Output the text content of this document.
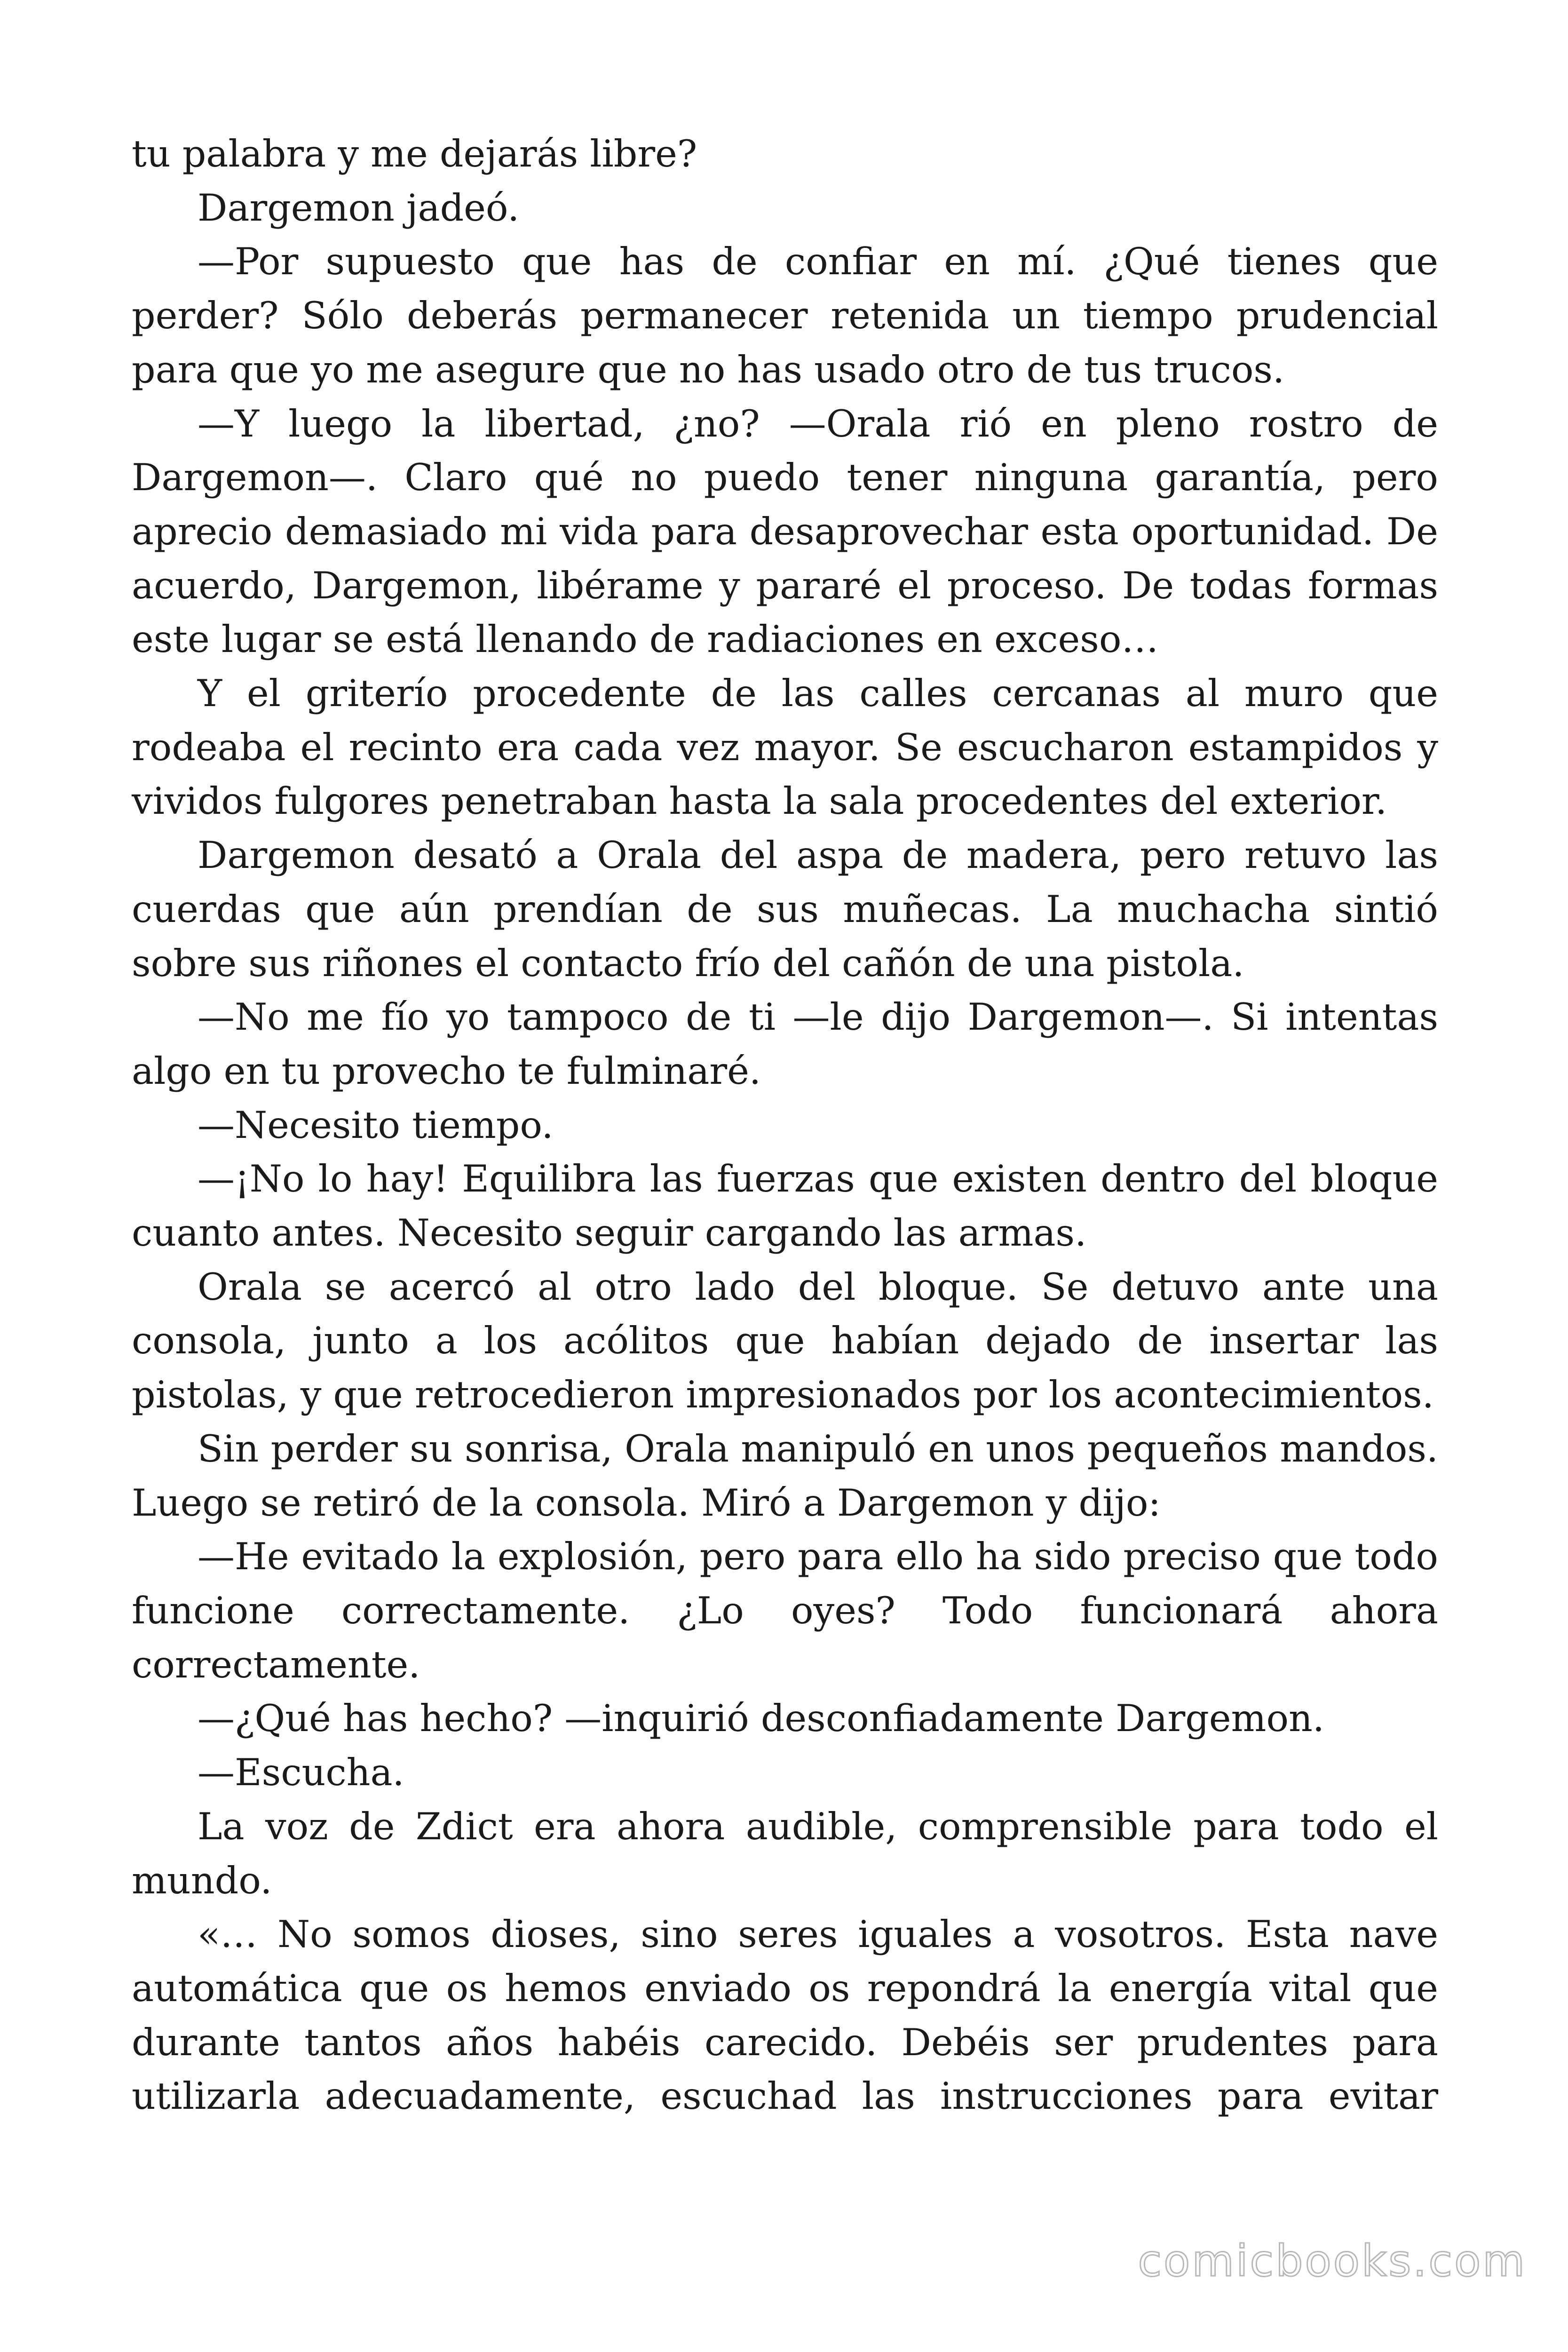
tu palabra y me dejarás libre?

Dargemon jadeó.

—Por supuesto que has de confiar en mí. ¿Qué tienes que perder? Sólo deberás permanecer retenida un tiempo prudencial para que yo me asegure que no has usado otro de tus trucos.

—Y luego la libertad, ¿no? —Orala rió en pleno rostro de Dargemon—. Claro qué no puedo tener ninguna garantía, pero aprecio demasiado mi vida para desaprovechar esta oportunidad. De acuerdo, Dargemon, libérame y pararé el proceso. De todas formas este lugar se está llenando de radiaciones en exceso…

Y el griterío procedente de las calles cercanas al muro que rodeaba el recinto era cada vez mayor. Se escucharon estampidos y vividos fulgores penetraban hasta la sala procedentes del exterior.

Dargemon desató a Orala del aspa de madera, pero retuvo las cuerdas que aún prendían de sus muñecas. La muchacha sintió sobre sus riñones el contacto frío del cañón de una pistola.

—No me fío yo tampoco de ti —le dijo Dargemon—. Si intentas algo en tu provecho te fulminaré.

—Necesito tiempo.

—¡No lo hay! Equilibra las fuerzas que existen dentro del bloque cuanto antes. Necesito seguir cargando las armas.

Orala se acercó al otro lado del bloque. Se detuvo ante una consola, junto a los acólitos que habían dejado de insertar las pistolas, y que retrocedieron impresionados por los acontecimientos.

Sin perder su sonrisa, Orala manipuló en unos pequeños mandos. Luego se retiró de la consola. Miró a Dargemon y dijo:

—He evitado la explosión, pero para ello ha sido preciso que todo funcione correctamente. ¿Lo oyes? Todo funcionará ahora correctamente.

—¿Qué has hecho? —inquirió desconfiadamente Dargemon.

—Escucha.

La voz de Zdict era ahora audible, comprensible para todo el mundo.

«… No somos dioses, sino seres iguales a vosotros. Esta nave automática que os hemos enviado os repondrá la energía vital que durante tantos años habéis carecido. Debéis ser prudentes para utilizarla adecuadamente, escuchad las instrucciones para evitar

comicbooks.com
